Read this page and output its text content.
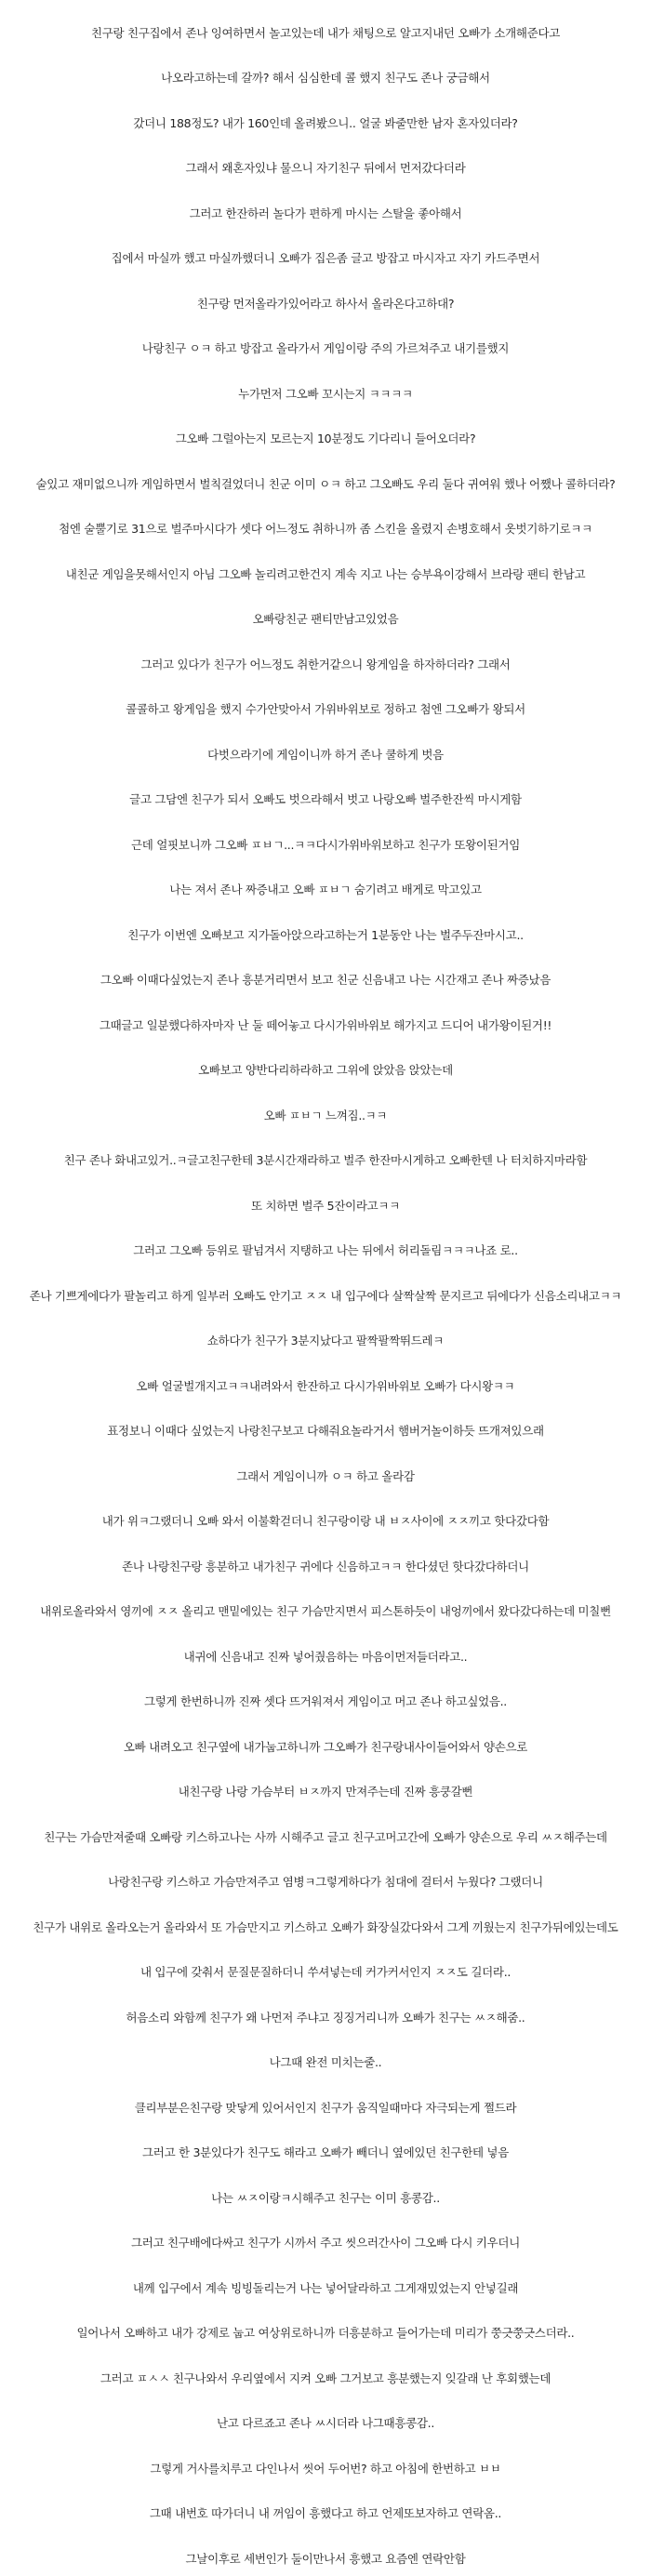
친구랑 친구집에서 존나 잉여하면서 놀고있는데 내가 채팅으로 알고지내던 오빠가 소개해준다고

나오라고하는데 갈까? 해서 심심한데 콜 했지 친구도 존나 궁금해서

갔더니 188정도? 내가 160인데 올려봤으니.. 얼굴 봐줄만한 남자 혼자있더라?

그래서 왜혼자있냐 물으니 자기친구 뒤에서 먼저갔다더라

그러고 한잔하러 놀다가 편하게 마시는 스탈을 좋아해서

집에서 마실까 했고 마실까했더니 오빠가 집은좀 글고 방잡고 마시자고 자기 카드주면서

친구랑 먼저올라가있어라고 하사서 올라온다고하대?

나랑친구 ㅇㅋ 하고 방잡고 올라가서 게임이랑 주의 가르쳐주고 내기를했지

누가먼저 그오빠 꼬시는지 ㅋㅋㅋㅋ

그오빠 그럴아는지 모르는지 10분정도 기다리니 들어오더라?

술있고 재미없으니까 게임하면서 벌칙걸었더니 친군 이미 ㅇㅋ 하고 그오빠도 우리 둘다 귀여워 했나 어쨌나 콜하더라?

첨엔 술뿔기로 31으로 벌주마시다가 셋다 어느정도 취하니까 좀 스킨을 올렸지 손병호해서 옷벗기하기로ㅋㅋ

내친군 게임을못해서인지 아님 그오빠 놀리려고한건지 계속 지고 나는 승부욕이강해서 브라랑 팬티 한남고

오빠랑친군 팬티만남고있었음

그러고 있다가 친구가 어느정도 취한거같으니 왕게임을 하자하더라? 그래서

콜콜하고 왕게임을 했지 수가안맞아서 가위바위보로 정하고 첨엔 그오빠가 왕되서

다벗으라기에 게임이니까 하거 존나 쿨하게 벗음

글고 그담엔 친구가 되서 오빠도 벗으라해서 벗고 나랑오빠 벌주한잔씩 마시게함

근데 얼핏보니까 그오빠 ㅍㅂㄱ...ㅋㅋ다시가위바위보하고 친구가 또왕이된거임

나는 져서 존나 짜증내고 오빠 ㅍㅂㄱ 숨기려고 배게로 막고있고

친구가 이번엔 오빠보고 지가돌아앉으라고하는거 1분동안 나는 벌주두잔마시고..

그오빠 이때다싶었는지 존나 흥분거리면서 보고 친군 신음내고 나는 시간재고 존나 짜증났음

그때글고 일분했다하자마자 난 둘 떼어놓고 다시가위바위보 해가지고 드디어 내가왕이된거!!

오빠보고 양반다리하라하고 그위에 앉았음 앉았는데

오빠 ㅍㅂㄱ 느껴짐..ㅋㅋ

친구 존나 화내고있거..ㅋ글고친구한테 3분시간재라하고 벌주 한잔마시게하고 오빠한텐 나 터치하지마라함

또 치하면 벌주 5잔이라고ㅋㅋ

그러고 그오빠 등위로 팔넘겨서 지탱하고 나는 뒤에서 허리돌림ㅋㅋㅋ나죠 로..

존나 기쁘게에다가 팔놀리고 하게 일부러 오빠도 안기고 ㅈㅈ 내 입구에다 살짝살짝 문지르고 뒤에다가 신음소리내고ㅋㅋ

쇼하다가 친구가 3분지났다고 팔짝팔짝뛰드레ㅋ

오빠 얼굴벌개지고ㅋㅋ내려와서 한잔하고 다시가위바위보 오빠가 다시왕ㅋㅋ

표정보니 이때다 싶었는지 나랑친구보고 다해줘요놀라거서 햄버거놀이하듯 뜨개져있으래

그래서 게임이니까 ㅇㅋ 하고 올라감

내가 위ㅋ그랬더니 오빠 와서 이불확걷더니 친구랑이랑 내 ㅂㅈ사이에 ㅈㅈ끼고 핫다갔다함

존나 나랑친구랑 흥분하고 내가친구 귀에다 신음하고ㅋㅋ 한다셨던 핫다갔다하더니

내위로올라와서 영끼에 ㅈㅈ 올리고 맨밑에있는 친구 가슴만지면서 피스톤하듯이 내엉끼에서 왔다갔다하는데 미칠뻔

내귀에 신음내고 진짜 넣어줬음하는 마음이먼저들더라고..

그렇게 한번하니까 진짜 셋다 뜨거워져서 게임이고 머고 존나 하고싶었음..

오빠 내려오고 친구옆에 내가눕고하니까 그오빠가 친구랑내사이들어와서 양손으로

내친구랑 나랑 가슴부터 ㅂㅈ까지 만져주는데 진짜 흥쿵갈뻔

친구는 가슴만져줄때 오빠랑 키스하고나는 사까 시해주고 글고 친구고머고간에 오빠가 양손으로 우리 ㅆㅈ해주는데

나랑친구랑 키스하고 가슴만져주고 염병ㅋ그렇게하다가 침대에 걸터서 누웠다? 그랬더니

친구가 내위로 올라오는거 올라와서 또 가슴만지고 키스하고 오빠가 화장실갔다와서 그게 끼웠는지 친구가뒤에있는데도

내 입구에 갖춰서 문질문질하더니 쑤셔넣는데 커가커서인지 ㅈㅈ도 길더라..

허음소리 와함께 친구가 왜 나먼저 주냐고 징징거리니까 오빠가 친구는 ㅆㅈ해줌..

나그때 완전 미치는줄..

클리부분은친구랑 맞닿게 있어서인지 친구가 움직일때마다 자극되는게 쩔드라

그러고 한 3분있다가 친구도 해라고 오빠가 빼더니 옆에있던 친구한테 넣음

나는 ㅆㅈ이랑ㅋ시해주고 친구는 이미 흥콩감..

그러고 친구배에다싸고 친구가 시까서 주고 씻으러간사이 그오빠 다시 키우더니

내께 입구에서 계속 빙빙돌리는거 나는 넣어달라하고 그게재밌었는지 안넣길래

일어나서 오빠하고 내가 강제로 눕고 여상위로하니까 더흥분하고 들어가는데 미리가 쭝긋쭝긋스더라..

그러고 ㅍㅅㅅ 친구나와서 우리옆에서 지켜 오빠 그거보고 흥분했는지 잊갈래 난 후회했는데

난고 다르죠고 존나 ㅆ시더라 나그때흥콩감..

그렇게 거사를치루고 다인나서 씻어 두어번? 하고 아침에 한번하고 ㅂㅂ

그때 내번호 따가더니 내 꺼임이 흥했다고 하고 언제또보자하고 연락옴..

그날이후로 세번인가 둘이만나서 흥했고 요즘엔 연락안함
